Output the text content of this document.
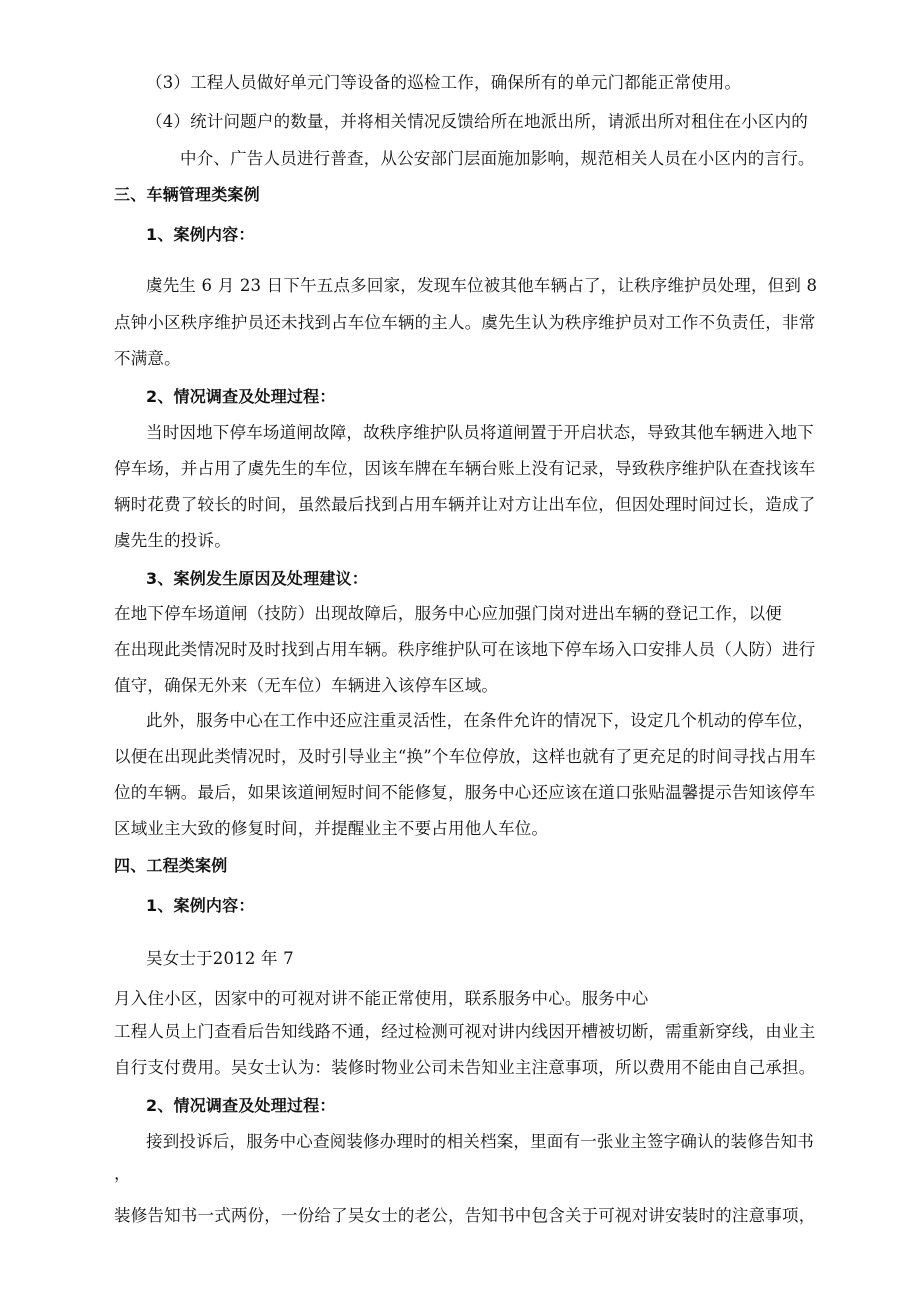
（3）工程人员做好单元门等设备的巡检工作，确保所有的单元门都能正常使用。
（4）统计问题户的数量，并将相关情况反馈给所在地派出所，请派出所对租住在小区内的
中介、广告人员进行普查，从公安部门层面施加影响，规范相关人员在小区内的言行。
三、车辆管理类案例
1、案例内容：
虞先生 6 月 23 日下午五点多回家，发现车位被其他车辆占了，让秩序维护员处理，但到 8
点钟小区秩序维护员还未找到占车位车辆的主人。虞先生认为秩序维护员对工作不负责任，非常
不满意。
2、情况调查及处理过程：
当时因地下停车场道闸故障，故秩序维护队员将道闸置于开启状态，导致其他车辆进入地下
停车场，并占用了虞先生的车位，因该车牌在车辆台账上没有记录，导致秩序维护队在查找该车
辆时花费了较长的时间，虽然最后找到占用车辆并让对方让出车位，但因处理时间过长，造成了
虞先生的投诉。
3、案例发生原因及处理建议：
在地下停车场道闸（技防）出现故障后，服务中心应加强门岗对进出车辆的登记工作，以便
在出现此类情况时及时找到占用车辆。秩序维护队可在该地下停车场入口安排人员（人防）进行
值守，确保无外来（无车位）车辆进入该停车区域。
此外，服务中心在工作中还应注重灵活性，在条件允许的情况下，设定几个机动的停车位，
以便在出现此类情况时，及时引导业主“换”个车位停放，这样也就有了更充足的时间寻找占用车
位的车辆。最后，如果该道闸短时间不能修复，服务中心还应该在道口张贴温馨提示告知该停车
区域业主大致的修复时间，并提醒业主不要占用他人车位。
四、工程类案例
1、案例内容：
吴女士于2012 年 7
月入住小区，因家中的可视对讲不能正常使用，联系服务中心。服务中心
工程人员上门查看后告知线路不通，经过检测可视对讲内线因开槽被切断，需重新穿线，由业主
自行支付费用。吴女士认为：装修时物业公司未告知业主注意事项，所以费用不能由自己承担。
2、情况调查及处理过程：
接到投诉后，服务中心查阅装修办理时的相关档案，里面有一张业主签字确认的装修告知书
，
装修告知书一式两份，一份给了吴女士的老公，告知书中包含关于可视对讲安装时的注意事项，
